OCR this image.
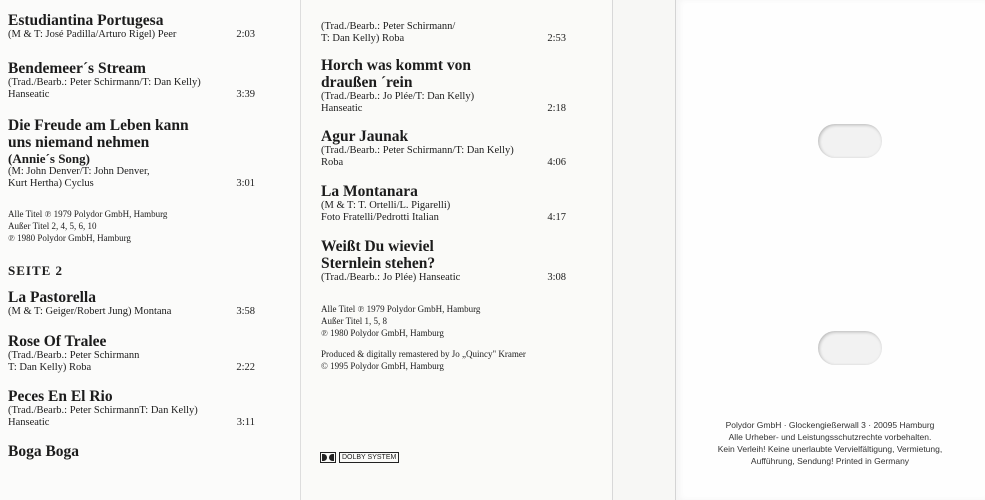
Estudiantina Portugesa
(M & T: José Padilla/Arturo Rigel) Peer	2:03
Bendemeer´s Stream
(Trad./Bearb.: Peter Schirmann/T: Dan Kelly)
Hanseatic	3:39
Die Freude am Leben kann
uns niemand nehmen
(Annie´s Song)
(M: John Denver/T: John Denver,
Kurt Hertha) Cyclus	3:01
Alle Titel ℗ 1979 Polydor GmbH, Hamburg
Außer Titel 2, 4, 5, 6, 10
℗ 1980 Polydor GmbH, Hamburg
SEITE 2
La Pastorella
(M & T: Geiger/Robert Jung) Montana	3:58
Rose Of Tralee
(Trad./Bearb.: Peter Schirmann
T: Dan Kelly) Roba	2:22
Peces En El Rio
(Trad./Bearb.: Peter SchirmannT: Dan Kelly)
Hanseatic	3:11
Boga Boga
(Trad./Bearb.: Peter Schirmann/
T: Dan Kelly) Roba	2:53
Horch was kommt von
draußen ´rein
(Trad./Bearb.: Jo Plée/T: Dan Kelly)
Hanseatic	2:18
Agur Jaunak
(Trad./Bearb.: Peter Schirmann/T: Dan Kelly)
Roba	4:06
La Montanara
(M & T: T. Ortelli/L. Pigarelli)
Foto Fratelli/Pedrotti Italian	4:17
Weißt Du wieviel
Sternlein stehen?
(Trad./Bearb.: Jo Plée) Hanseatic	3:08
Alle Titel ℗ 1979 Polydor GmbH, Hamburg
Außer Titel 1, 5, 8
℗ 1980 Polydor GmbH, Hamburg
Produced & digitally remastered by Jo „Quincy" Kramer
© 1995 Polydor GmbH, Hamburg
DOLBY SYSTEM
Polydor GmbH · Glockengießerwall 3 · 20095 Hamburg
Alle Urheber- und Leistungsschutzrechte vorbehalten.
Kein Verleih! Keine unerlaubte Vervielfältigung, Vermietung,
Aufführung, Sendung! Printed in Germany
